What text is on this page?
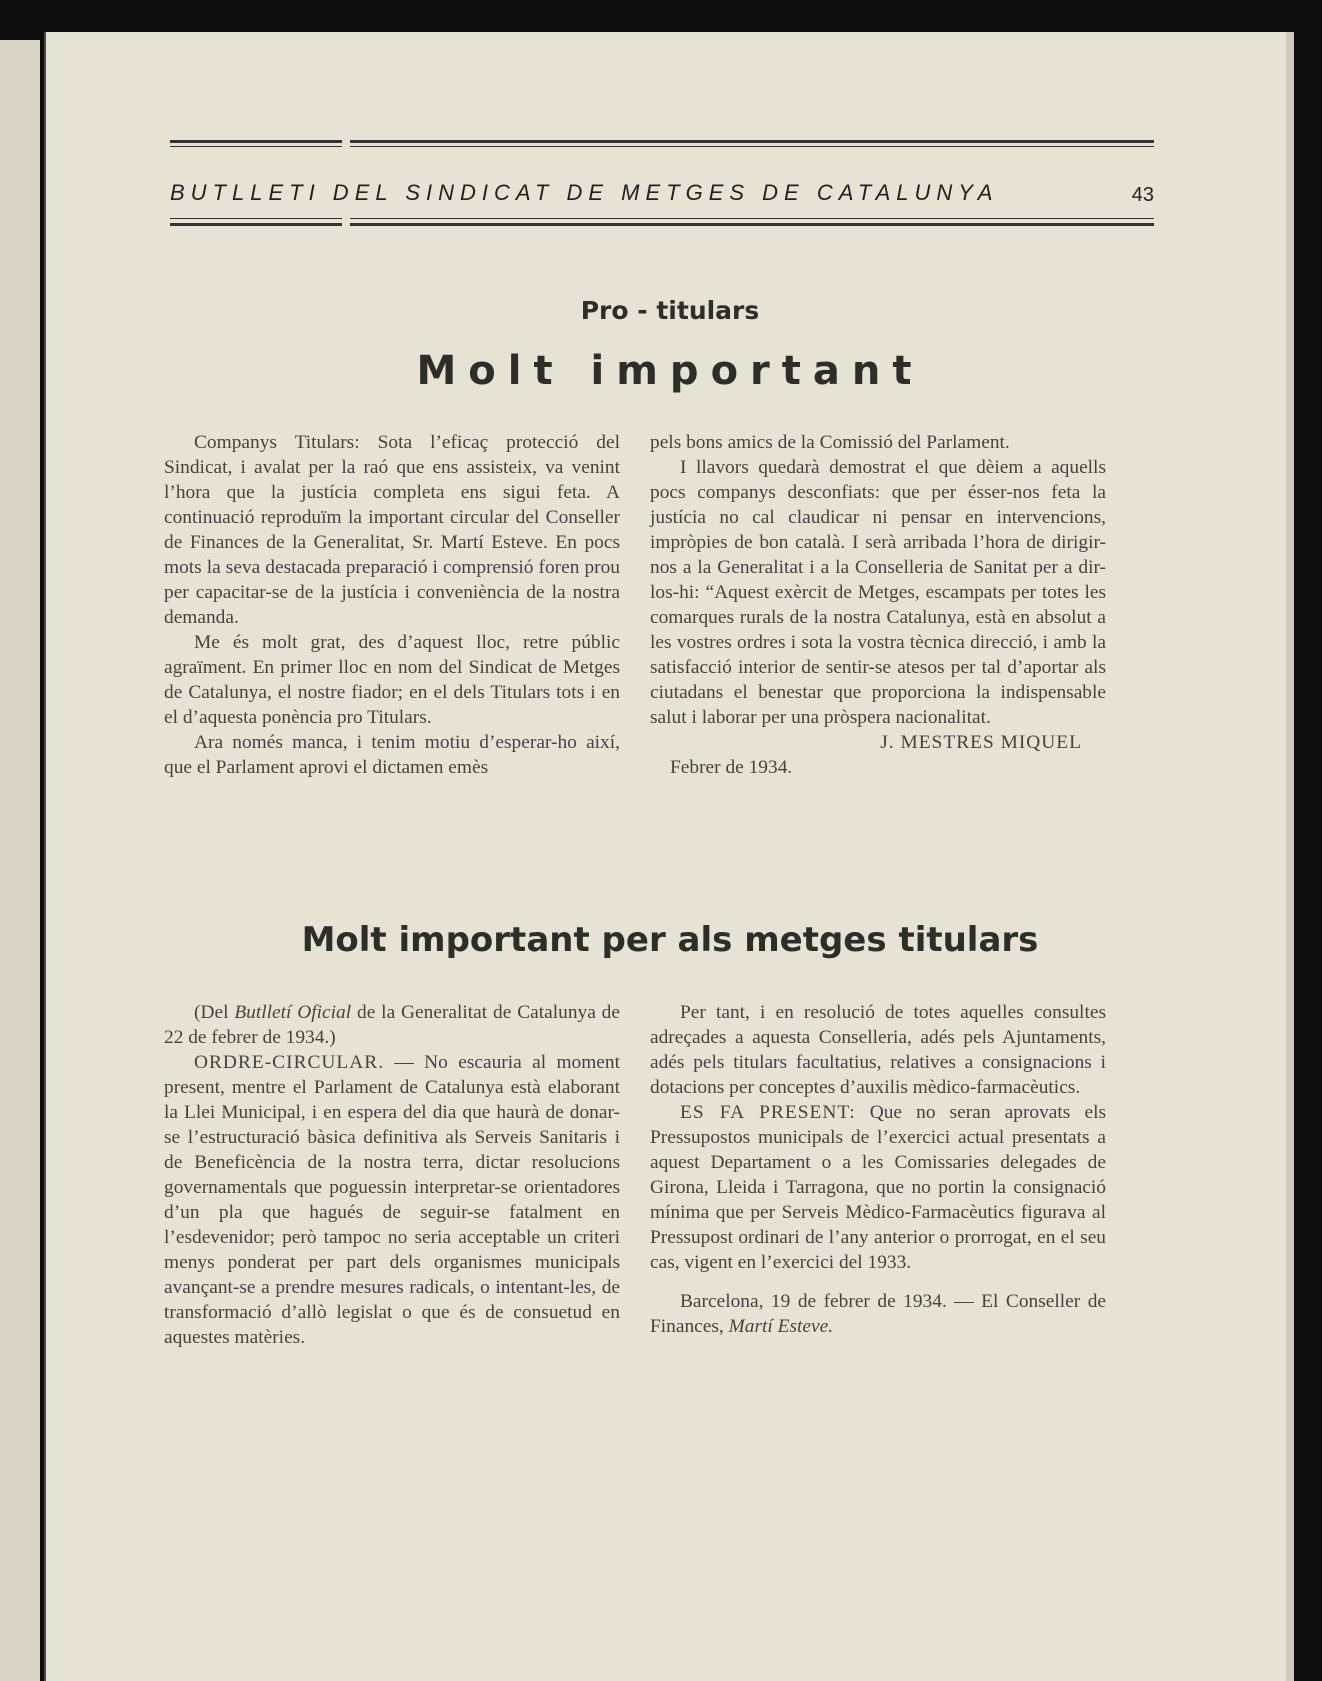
BUTLLETI DEL SINDICAT DE METGES DE CATALUNYA	43
Pro - titulars
Molt important

Companys Titulars: Sota l’eficaç protecció del Sindicat, i avalat per la raó que ens assisteix, va venint l’hora que la justícia completa ens sigui feta. A continuació reproduïm la important circular del Conseller de Finances de la Generalitat, Sr. Martí Esteve. En pocs mots la seva destacada preparació i comprensió foren prou per capacitar-se de la justícia i conveniència de la nostra demanda.

Me és molt grat, des d’aquest lloc, retre públic agraïment. En primer lloc en nom del Sindicat de Metges de Catalunya, el nostre fiador; en el dels Titulars tots i en el d’aquesta ponència pro Titulars.

Ara només manca, i tenim motiu d’esperar-ho així, que el Parlament aprovi el dictamen emès

pels bons amics de la Comissió del Parlament.

I llavors quedarà demostrat el que dèiem a aquells pocs companys desconfiats: que per ésser-nos feta la justícia no cal claudicar ni pensar en intervencions, impròpies de bon català. I serà arribada l’hora de dirigir-nos a la Generalitat i a la Conselleria de Sanitat per a dir-los-hi: “Aquest exèrcit de Metges, escampats per totes les comarques rurals de la nostra Catalunya, està en absolut a les vostres ordres i sota la vostra tècnica direcció, i amb la satisfacció interior de sentir-se atesos per tal d’aportar als ciutadans el benestar que proporciona la indispensable salut i laborar per una pròspera nacionalitat.

J. MESTRES MIQUEL

Febrer de 1934.

Molt important per als metges titulars

(Del Butlletí Oficial de la Generalitat de Catalunya de 22 de febrer de 1934.)

ORDRE-CIRCULAR. — No escauria al moment present, mentre el Parlament de Catalunya està elaborant la Llei Municipal, i en espera del dia que haurà de donar-se l’estructuració bàsica definitiva als Serveis Sanitaris i de Beneficència de la nostra terra, dictar resolucions governamentals que poguessin interpretar-se orientadores d’un pla que hagués de seguir-se fatalment en l’esdevenidor; però tampoc no seria acceptable un criteri menys ponderat per part dels organismes municipals avançant-se a prendre mesures radicals, o intentant-les, de transformació d’allò legislat o que és de consuetud en aquestes matèries.

Per tant, i en resolució de totes aquelles consultes adreçades a aquesta Conselleria, adés pels Ajuntaments, adés pels titulars facultatius, relatives a consignacions i dotacions per conceptes d’auxilis mèdico-farmacèutics.

ES FA PRESENT: Que no seran aprovats els Pressupostos municipals de l’exercici actual presentats a aquest Departament o a les Comissaries delegades de Girona, Lleida i Tarragona, que no portin la consignació mínima que per Serveis Mèdico-Farmacèutics figurava al Pressupost ordinari de l’any anterior o prorrogat, en el seu cas, vigent en l’exercici del 1933.

Barcelona, 19 de febrer de 1934. — El Conseller de Finances, Martí Esteve.
